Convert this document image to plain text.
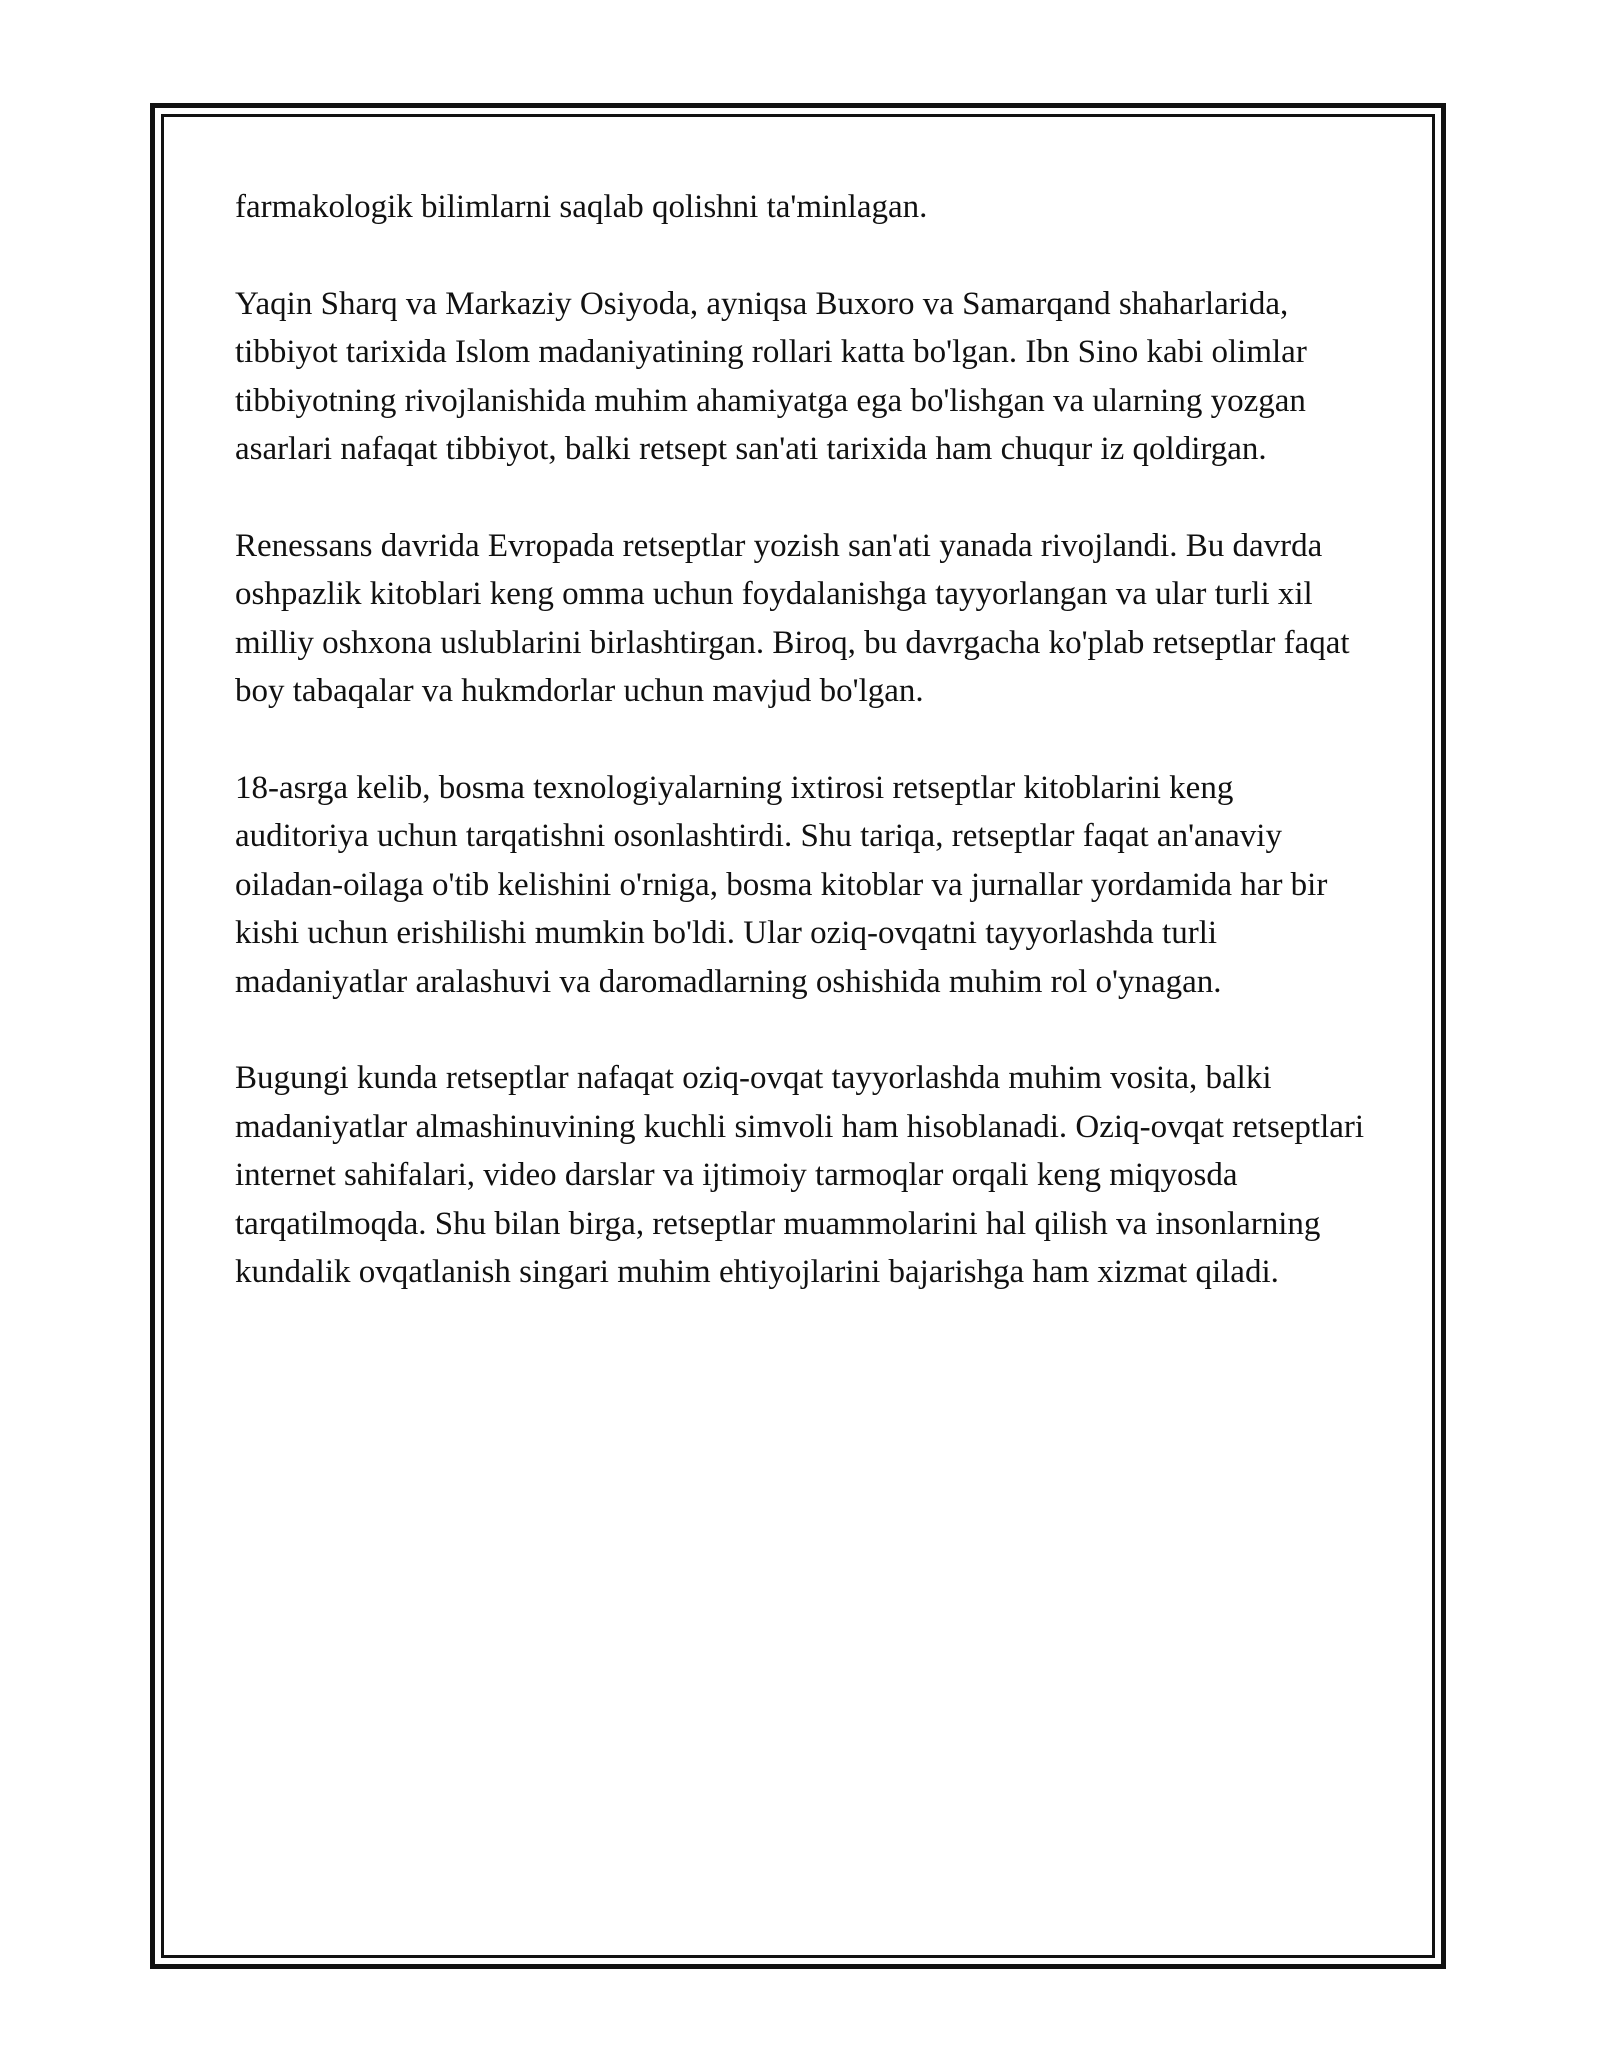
farmakologik bilimlarni saqlab qolishni ta'minlagan.

Yaqin Sharq va Markaziy Osiyoda, ayniqsa Buxoro va Samarqand shaharlarida, tibbiyot tarixida Islom madaniyatining rollari katta bo'lgan. Ibn Sino kabi olimlar tibbiyotning rivojlanishida muhim ahamiyatga ega bo'lishgan va ularning yozgan asarlari nafaqat tibbiyot, balki retsept san'ati tarixida ham chuqur iz qoldirgan.

Renessans davrida Evropada retseptlar yozish san'ati yanada rivojlandi. Bu davrda oshpazlik kitoblari keng omma uchun foydalanishga tayyorlangan va ular turli xil milliy oshxona uslublarini birlashtirgan. Biroq, bu davrgacha ko'plab retseptlar faqat boy tabaqalar va hukmdorlar uchun mavjud bo'lgan.

18-asrga kelib, bosma texnologiyalarning ixtirosi retseptlar kitoblarini keng auditoriya uchun tarqatishni osonlashtirdi. Shu tariqa, retseptlar faqat an'anaviy oiladan-oilaga o'tib kelishini o'rniga, bosma kitoblar va jurnallar yordamida har bir kishi uchun erishilishi mumkin bo'ldi. Ular oziq-ovqatni tayyorlashda turli madaniyatlar aralashuvi va daromadlarning oshishida muhim rol o'ynagan.

Bugungi kunda retseptlar nafaqat oziq-ovqat tayyorlashda muhim vosita, balki madaniyatlar almashinuvining kuchli simvoli ham hisoblanadi. Oziq-ovqat retseptlari internet sahifalari, video darslar va ijtimoiy tarmoqlar orqali keng miqyosda tarqatilmoqda. Shu bilan birga, retseptlar muammolarini hal qilish va insonlarning kundalik ovqatlanish singari muhim ehtiyojlarini bajarishga ham xizmat qiladi.
